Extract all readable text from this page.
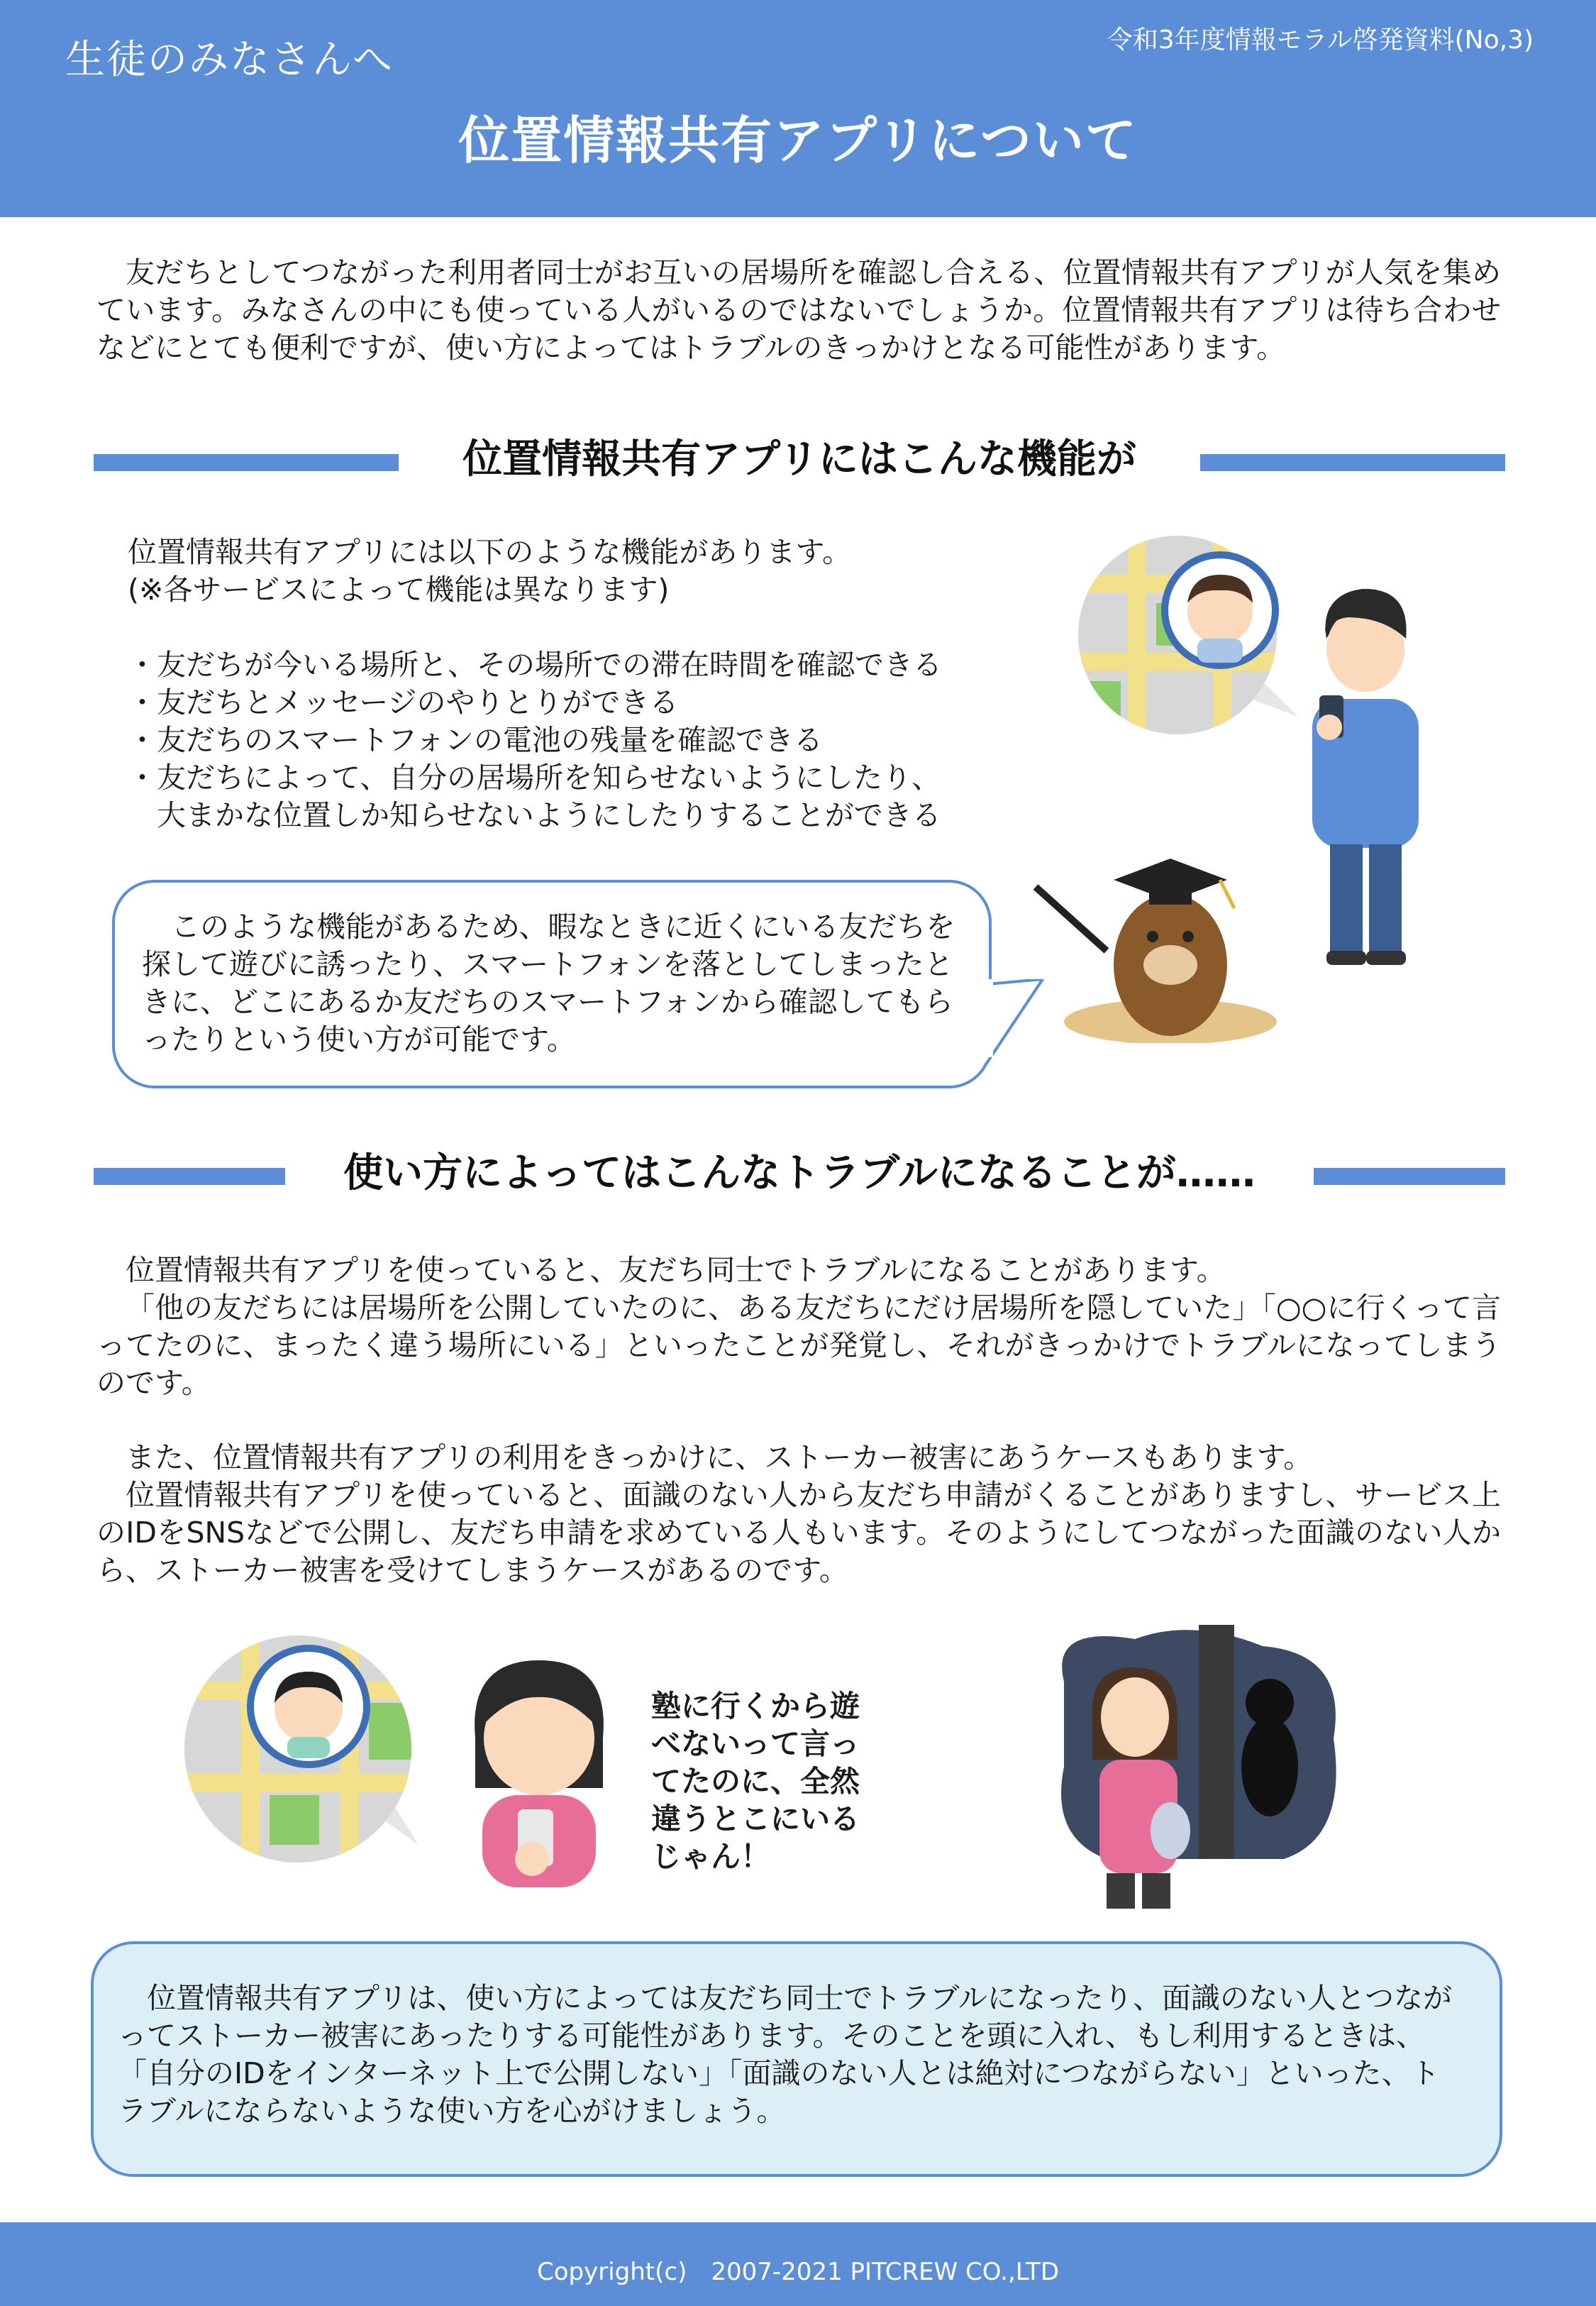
生徒のみなさんへ	令和3年度情報モラル啓発資料(No,3)
位置情報共有アプリについて

友だちとしてつながった利用者同士がお互いの居場所を確認し合える、位置情報共有アプリが人気を集めています。みなさんの中にも使っている人がいるのではないでしょうか。位置情報共有アプリは待ち合わせなどにとても便利ですが、使い方によってはトラブルのきっかけとなる可能性があります。

位置情報共有アプリにはこんな機能が

位置情報共有アプリには以下のような機能があります。

(※各サービスによって機能は異なります)

・友だちが今いる場所と、その場所での滞在時間を確認できる
・友だちとメッセージのやりとりができる
・友だちのスマートフォンの電池の残量を確認できる
・友だちによって、自分の居場所を知らせないようにしたり、
　大まかな位置しか知らせないようにしたりすることができる

このような機能があるため、暇なときに近くにいる友だちを探して遊びに誘ったり、スマートフォンを落としてしまったときに、どこにあるか友だちのスマートフォンから確認してもらったりという使い方が可能です。

使い方によってはこんなトラブルになることが……

位置情報共有アプリを使っていると、友だち同士でトラブルになることがあります。

「他の友だちには居場所を公開していたのに、ある友だちにだけ居場所を隠していた」「○○に行くって言ってたのに、まったく違う場所にいる」といったことが発覚し、それがきっかけでトラブルになってしまうのです。

また、位置情報共有アプリの利用をきっかけに、ストーカー被害にあうケースもあります。

位置情報共有アプリを使っていると、面識のない人から友だち申請がくることがありますし、サービス上のIDをSNSなどで公開し、友だち申請を求めている人もいます。そのようにしてつながった面識のない人から、ストーカー被害を受けてしまうケースがあるのです。

塾に行くから遊べないって言ってたのに、全然違うとこにいるじゃん！

位置情報共有アプリは、使い方によっては友だち同士でトラブルになったり、面識のない人とつながってストーカー被害にあったりする可能性があります。そのことを頭に入れ、もし利用するときは、「自分のIDをインターネット上で公開しない」「面識のない人とは絶対につながらない」といった、トラブルにならないような使い方を心がけましょう。

Copyright(c)　2007-2021 PITCREW CO.,LTD
